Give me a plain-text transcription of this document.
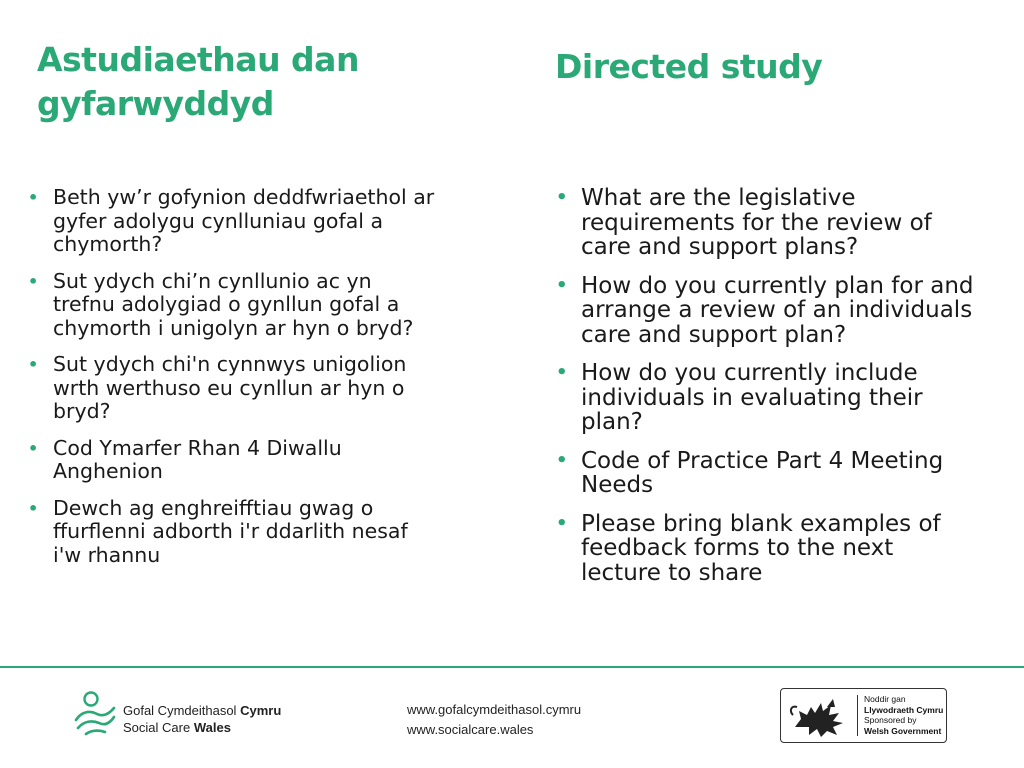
Astudiaethau dan gyfarwyddyd
Directed study
• Beth yw’r gofynion deddfwriaethol ar gyfer adolygu cynlluniau gofal a chymorth?
• Sut ydych chi’n cynllunio ac yn trefnu adolygiad o gynllun gofal a chymorth i unigolyn ar hyn o bryd?
• Sut ydych chi'n cynnwys unigolion wrth werthuso eu cynllun ar hyn o bryd?
• Cod Ymarfer Rhan 4 Diwallu Anghenion
• Dewch ag enghreifftiau gwag o ffurflenni adborth i'r ddarlith nesaf i'w rhannu
• What are the legislative requirements for the review of care and support plans?
• How do you currently plan for and arrange a review of an individuals care and support plan?
• How do you currently include individuals in evaluating their plan?
• Code of Practice Part 4 Meeting Needs
• Please bring blank examples of feedback forms to the next lecture to share
Gofal Cymdeithasol Cymru
Social Care Wales
www.gofalcymdeithasol.cymru
www.socialcare.wales
Noddir gan
Llywodraeth Cymru
Sponsored by
Welsh Government
